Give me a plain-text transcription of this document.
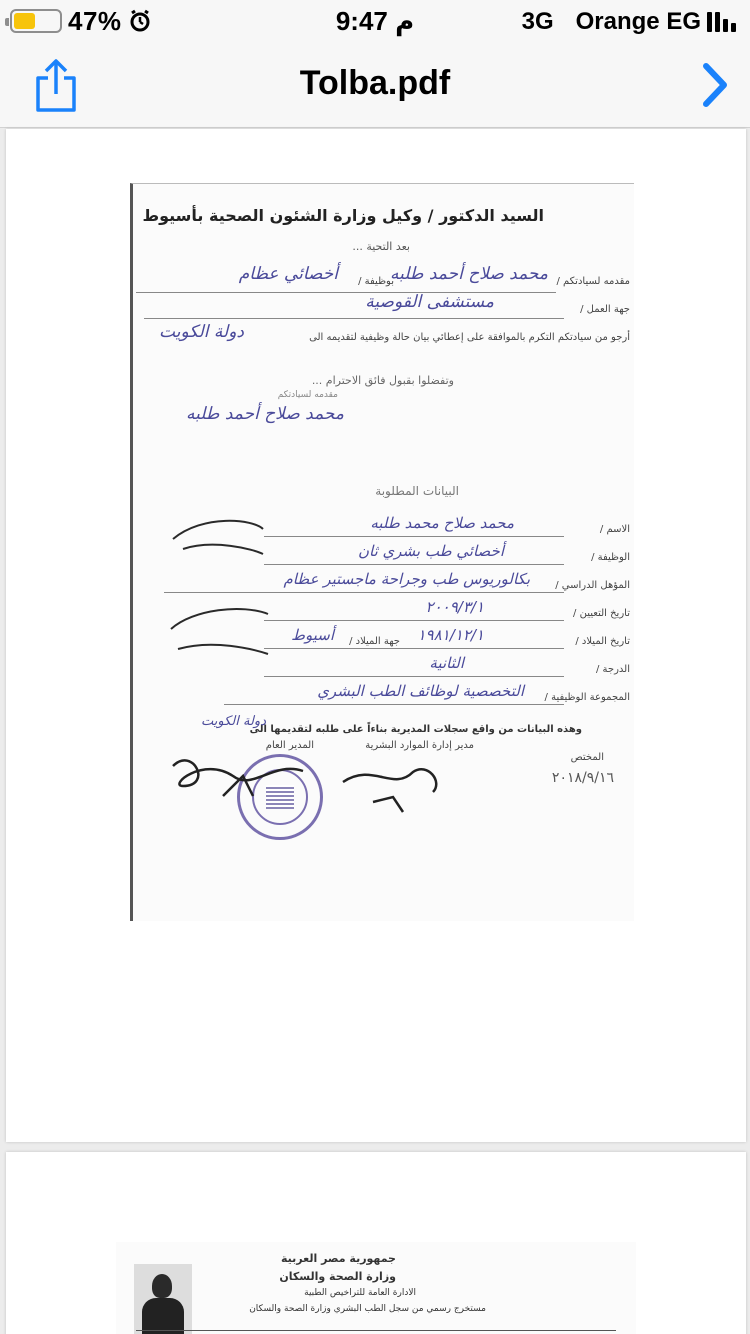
47%	9:47 م	3G Orange EG
Tolba.pdf
السيد الدكتور / وكيل وزارة الشئون الصحية بأسيوط
بعد التحية ...
مقدمه لسيادتكم /
محمد صلاح أحمد طلبه
بوظيفة /
أخصائي عظام
جهة العمل /
مستشفى القوصية
أرجو من سيادتكم التكرم بالموافقة على إعطائي بيان حالة وظيفية لتقديمه الى
دولة الكويت
وتفضلوا بقبول فائق الاحترام ...
مقدمه لسيادتكم
محمد صلاح أحمد طلبه
البيانات المطلوبة
الاسم /
محمد صلاح محمد طلبه
الوظيفة /
أخصائي طب بشري ثان
المؤهل الدراسي /
بكالوريوس طب وجراحة ماجستير عظام
تاريخ التعيين /
٢٠٠٩/٣/١
تاريخ الميلاد /
١٩٨١/١٢/١
جهة الميلاد /
أسيوط
الدرجة /
الثانية
المجموعة الوظيفية /
التخصصية لوظائف الطب البشري
وهذه البيانات من واقع سجلات المديرية بناءاً على طلبه لتقديمها الى
دولة الكويت
المختص
٢٠١٨/٩/١٦
مدير إدارة الموارد البشرية
المدير العام
جمهورية مصر العربية
وزارة الصحة والسكان
الادارة العامة للتراخيص الطبية
مستخرج رسمي من سجل الطب البشري وزارة الصحة والسكان
